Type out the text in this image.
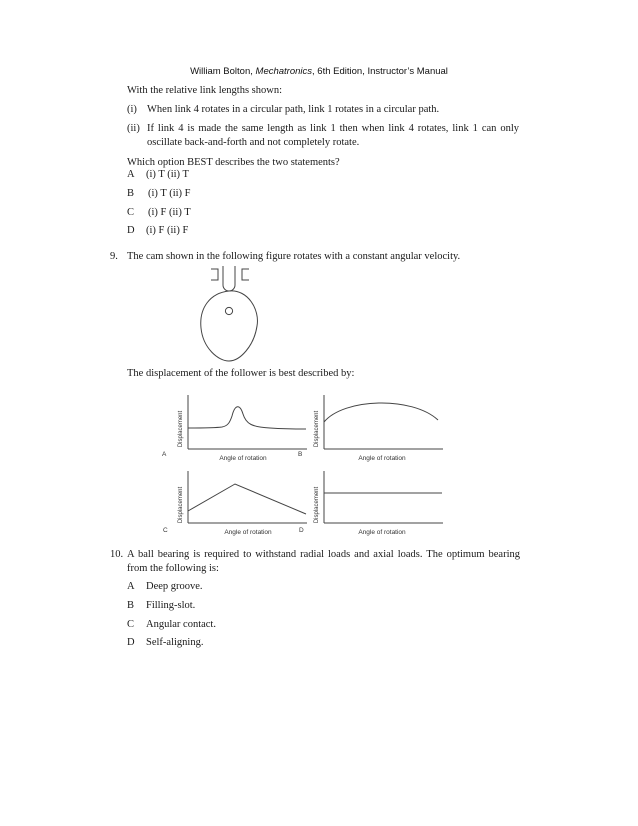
William Bolton, Mechatronics, 6th Edition, Instructor’s Manual
With the relative link lengths shown:
(i) When link 4 rotates in a circular path, link 1 rotates in a circular path.
(ii) If link 4 is made the same length as link 1 then when link 4 rotates, link 1 can only
oscillate back-and-forth and not completely rotate.
Which option BEST describes the two statements?
A (i) T (ii) T
B (i) T (ii) F
C (i) F (ii) T
D (i) F (ii) F
9. The cam shown in the following figure rotates with a constant angular velocity.
The displacement of the follower is best described by:
Displacement
A
Angle of rotation
Displacement
B
Angle of rotation
Displacement
C	Angle of rotation
Displacement
D	Angle of rotation
10. A ball bearing is required to withstand radial loads and axial loads. The optimum bearing
from the following is:
A Deep groove.
B Filling-slot.
C Angular contact.
D Self-aligning.
